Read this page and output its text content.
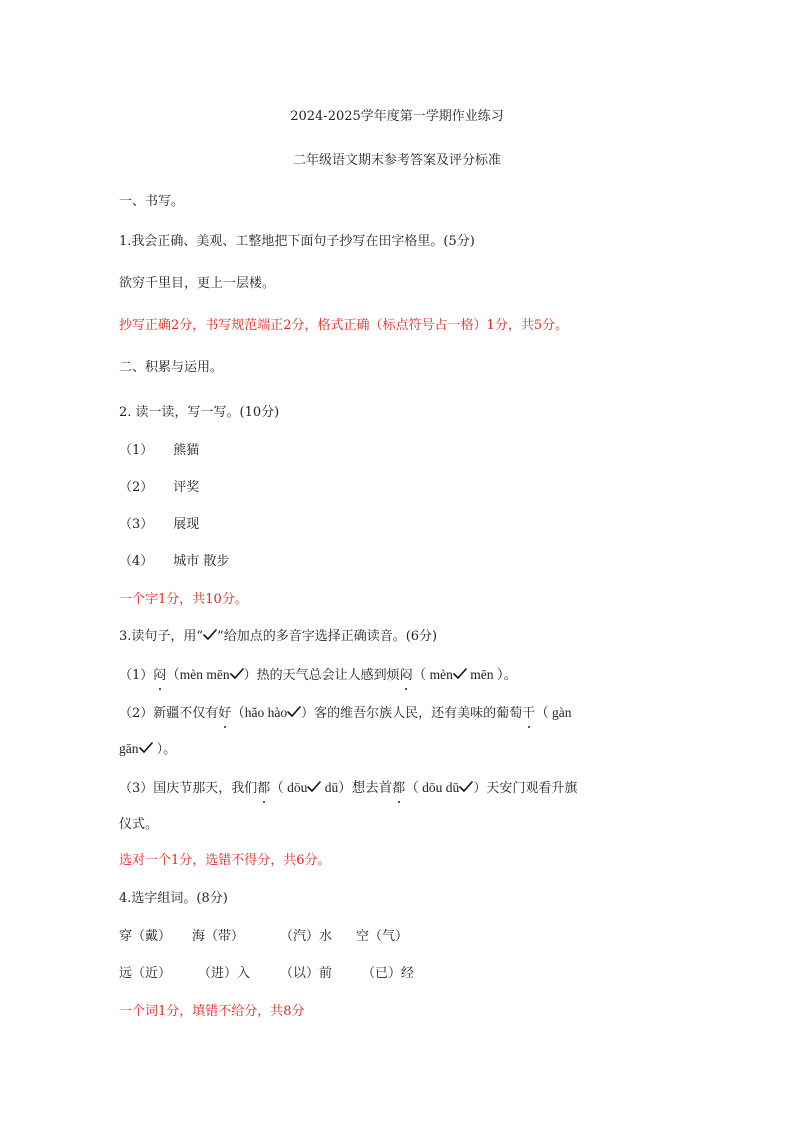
2024-2025学年度第一学期作业练习
二年级语文期末参考答案及评分标准
一、书写。
1.我会正确、美观、工整地把下面句子抄写在田字格里。(5分)
欲穷千里目，更上一层楼。
抄写正确2分，书写规范端正2分，格式正确（标点符号占一格）1分，共5分。
二、积累与运用。
2. 读一读，写一写。(10分)
（1） 熊猫
（2） 评奖
（3） 展现
（4） 城市 散步
一个字1分，共10分。
3.读句子，用“ ”给加点的多音字选择正确读音。(6分)
（1）闷（mèn mēn ）热的天气总会让人感到烦闷（ mèn mēn ）。
（2）新疆不仅有好（hǎo hào ）客的维吾尔族人民，还有美味的葡萄干（ gàn
gān ）。
（3）国庆节那天，我们都（ dōu dū）想去首都（ dōu dū ）天安门观看升旗
仪式。
选对一个1分，选错不得分，共6分。
4.选字组词。(8分)
穿（戴） 海（带）	（汽）水 空（气）
远（近） （进）入 （以）前 （已）经
一个词1分，填错不给分，共8分
